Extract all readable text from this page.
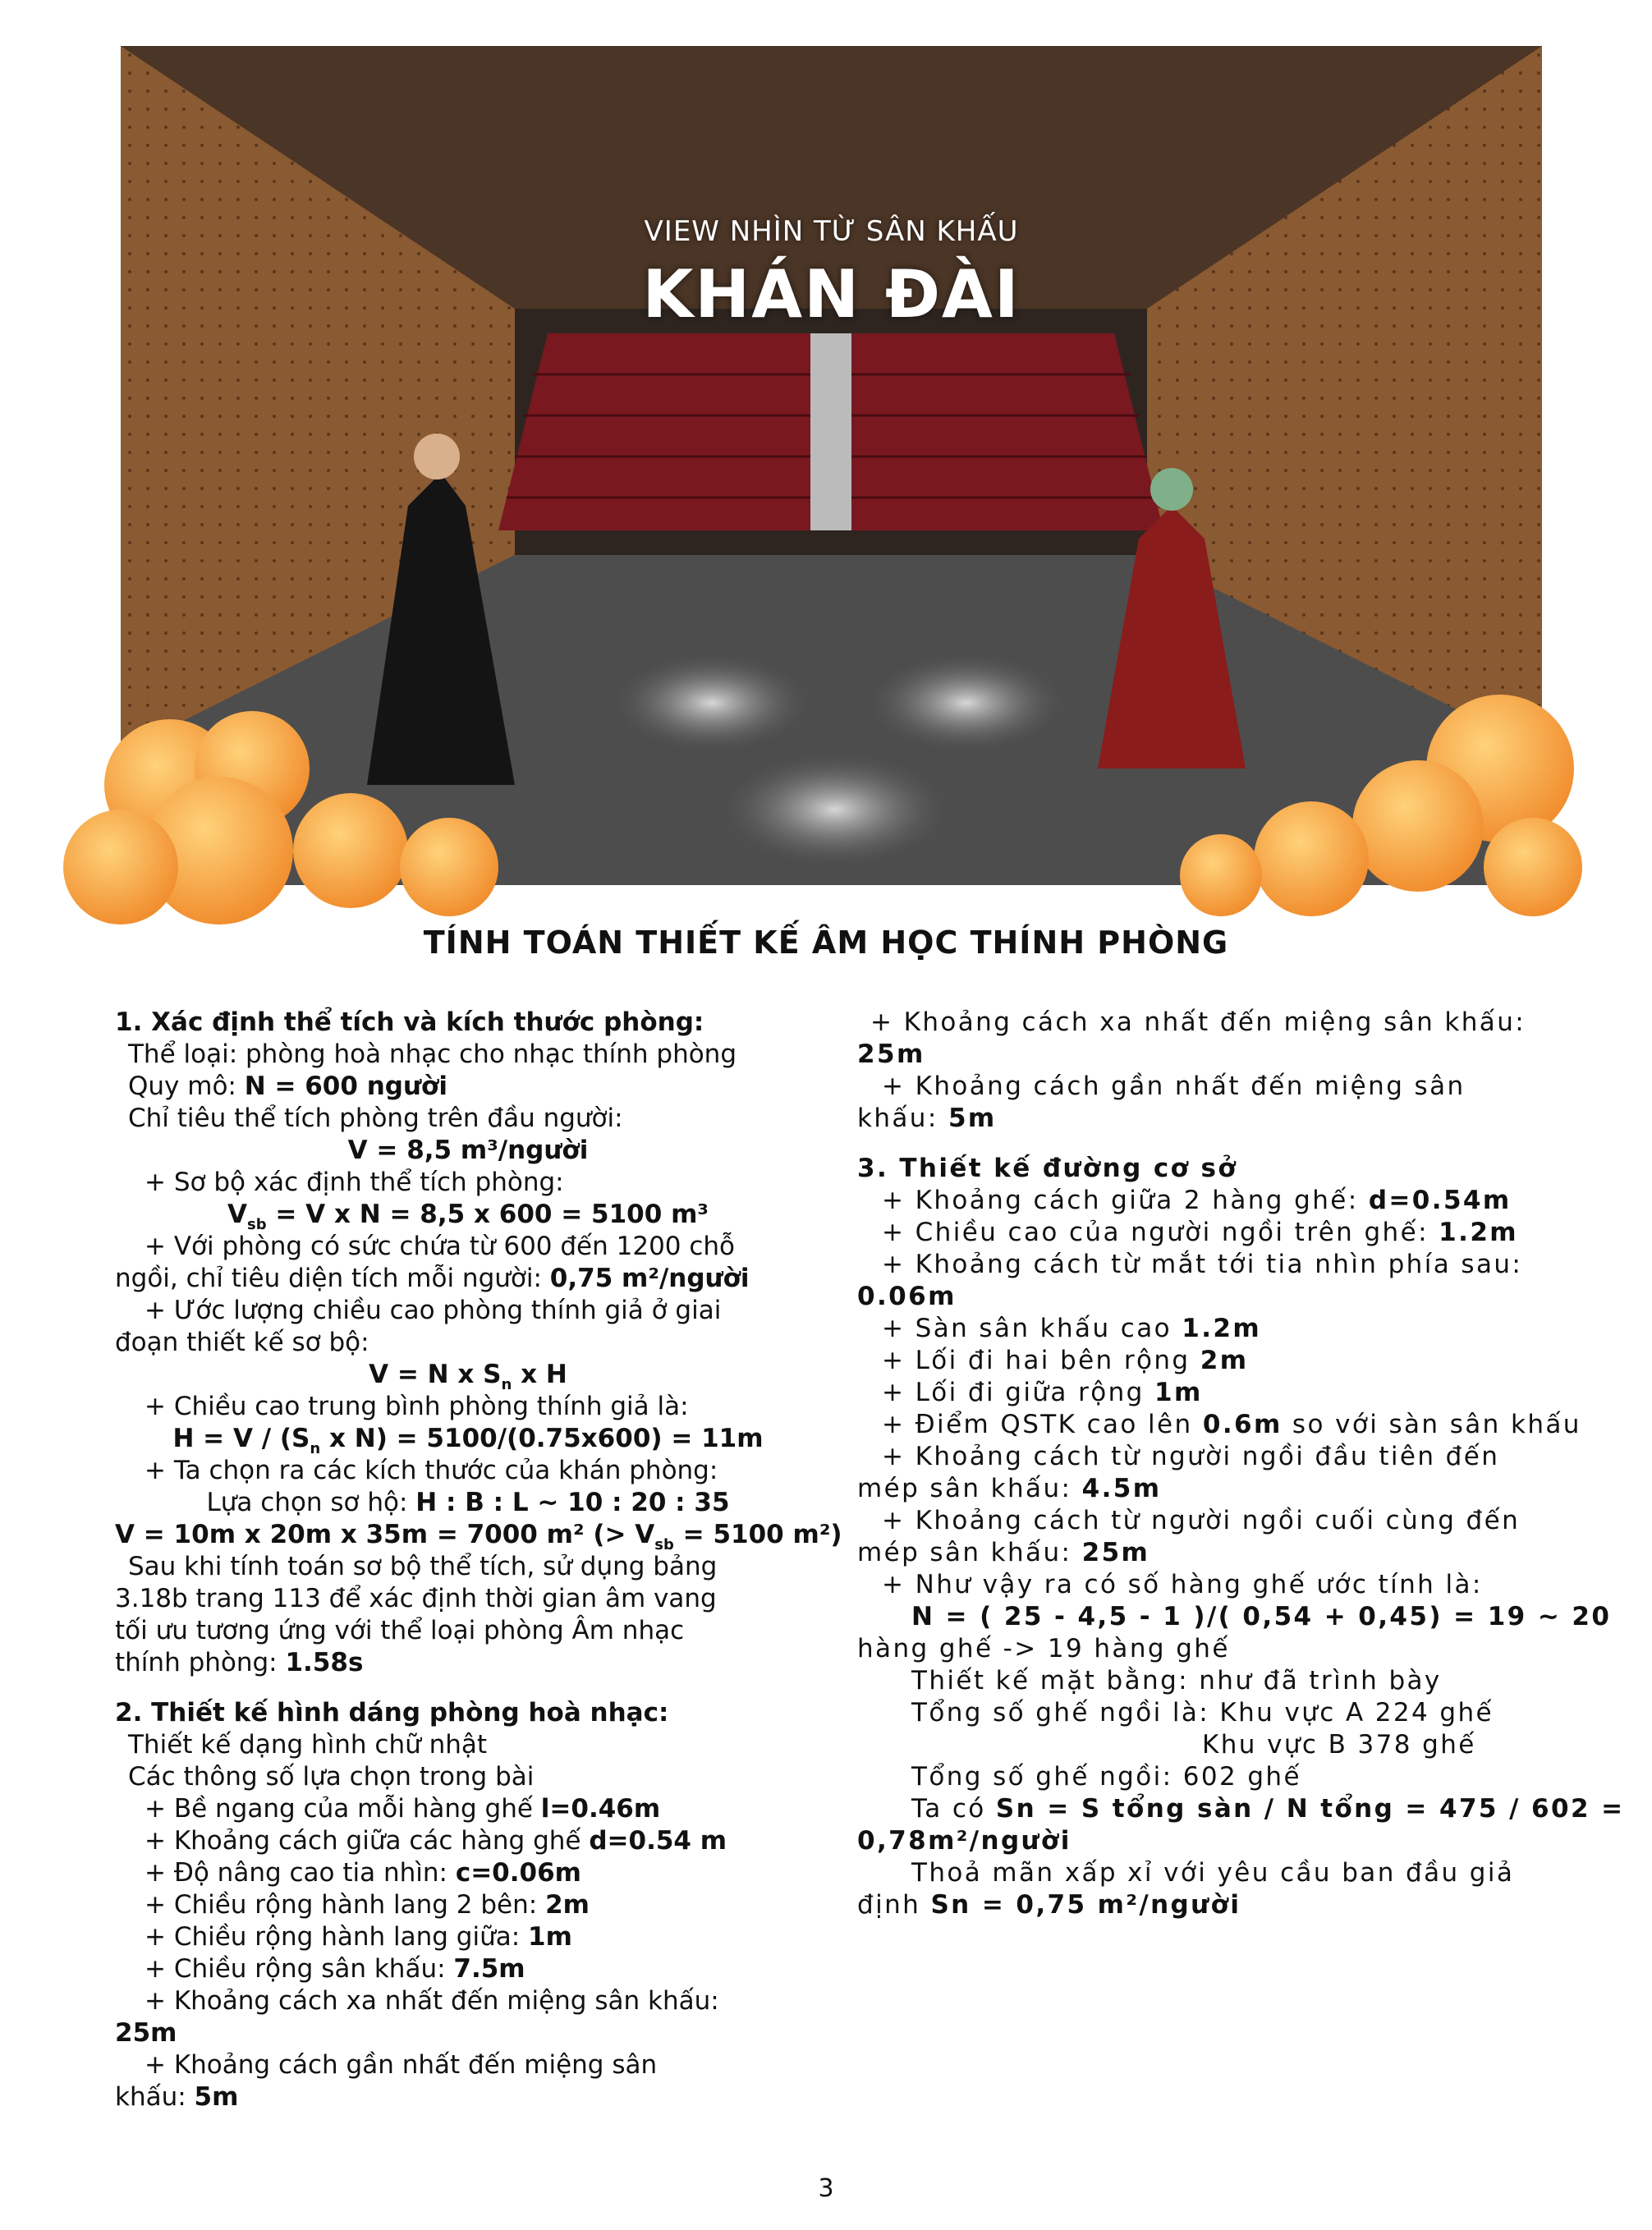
VIEW NHÌN TỪ SÂN KHẤU
KHÁN ĐÀI
TÍNH TOÁN THIẾT KẾ ÂM HỌC THÍNH PHÒNG
1. Xác định thể tích và kích thước phòng:
Thể loại: phòng hoà nhạc cho nhạc thính phòng
Quy mô: N = 600 người
Chỉ tiêu thể tích phòng trên đầu người:
V = 8,5 m³/người
+ Sơ bộ xác định thể tích phòng:
$V_{sb} = V$ x N = 8,5 x 600 = 5100 m³
+ Với phòng có sức chứa từ 600 đến 1200 chỗ
ngồi, chỉ tiêu diện tích mỗi người: 0,75 m²/người
+ Ước lượng chiều cao phòng thính giả ở giai
đoạn thiết kế sơ bộ:
V = N x $S_n$ x H
+ Chiều cao trung bình phòng thính giả là:
$H = V / (S_n$ x N) = 5100/(0.75x600) = 11m
+ Ta chọn ra các kích thước của khán phòng:
Lựa chọn sơ hộ: H : B : L ~ 10 : 20 : 35
V = 10m x 20m x 35m = 7000 m² (> $V_{sb} = 5100$ m²)
Sau khi tính toán sơ bộ thể tích, sử dụng bảng
3.18b trang 113 để xác định thời gian âm vang
tối ưu tương ứng với thể loại phòng Âm nhạc
thính phòng: 1.58s
2. Thiết kế hình dáng phòng hoà nhạc:
Thiết kế dạng hình chữ nhật
Các thông số lựa chọn trong bài
+ Bề ngang của mỗi hàng ghế l=0.46m
+ Khoảng cách giữa các hàng ghế d=0.54 m
+ Độ nâng cao tia nhìn: c=0.06m
+ Chiều rộng hành lang 2 bên: 2m
+ Chiều rộng hành lang giữa: 1m
+ Chiều rộng sân khấu: 7.5m
+ Khoảng cách xa nhất đến miệng sân khấu:
25m
+ Khoảng cách gần nhất đến miệng sân
khấu: 5m
+ Khoảng cách xa nhất đến miệng sân khấu:
25m
+ Khoảng cách gần nhất đến miệng sân
khấu: 5m
3. Thiết kế đường cơ sở
+ Khoảng cách giữa 2 hàng ghế: d=0.54m
+ Chiều cao của người ngồi trên ghế: 1.2m
+ Khoảng cách từ mắt tới tia nhìn phía sau:
0.06m
+ Sàn sân khấu cao 1.2m
+ Lối đi hai bên rộng 2m
+ Lối đi giữa rộng 1m
+ Điểm QSTK cao lên 0.6m so với sàn sân khấu
+ Khoảng cách từ người ngồi đầu tiên đến
mép sân khấu: 4.5m
+ Khoảng cách từ người ngồi cuối cùng đến
mép sân khấu: 25m
+ Như vậy ra có số hàng ghế ước tính là:
N = ( 25 - 4,5 - 1 )/( 0,54 + 0,45) = 19 ~ 20
hàng ghế -> 19 hàng ghế
Thiết kế mặt bằng: như đã trình bày
Tổng số ghế ngồi là: Khu vực A 224 ghế
Khu vực B 378 ghế
Tổng số ghế ngồi: 602 ghế
Ta có Sn = S tổng sàn / N tổng = 475 / 602 =
0,78m²/người
Thoả mãn xấp xỉ với yêu cầu ban đầu giả
định Sn = 0,75 m²/người
3
